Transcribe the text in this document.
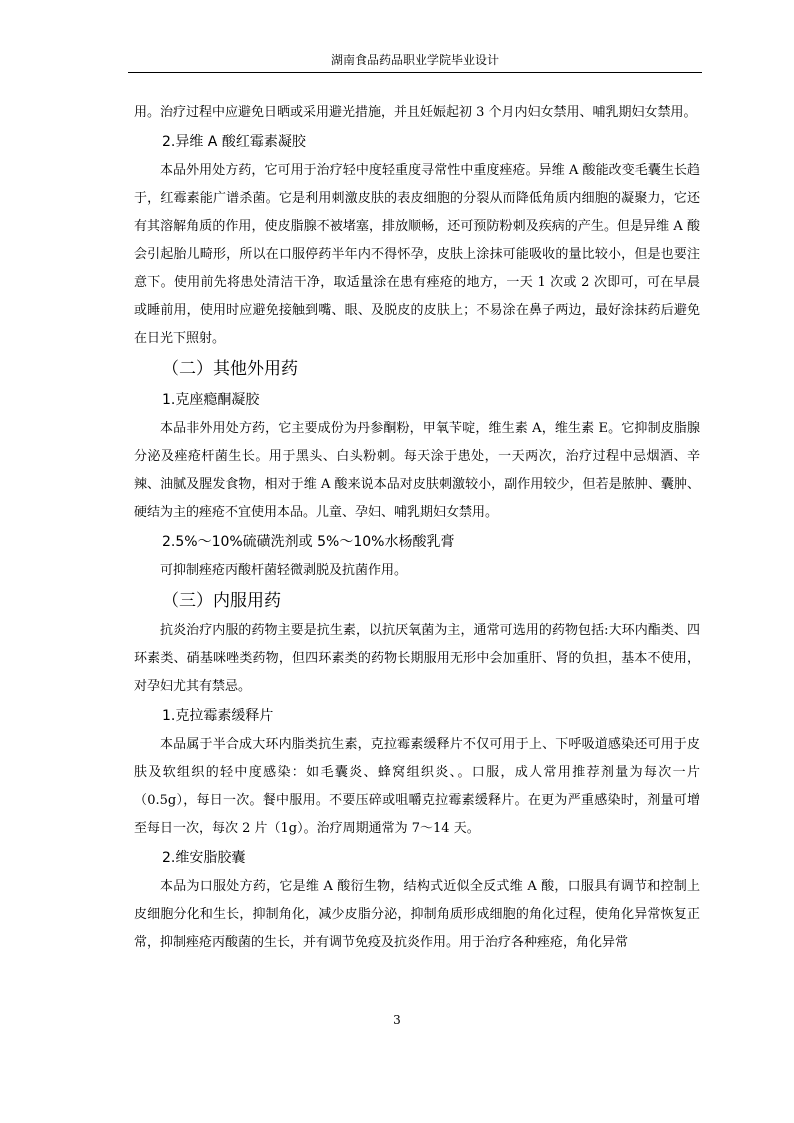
湖南食品药品职业学院毕业设计

用。治疗过程中应避免日晒或采用避光措施，并且妊娠起初 3 个月内妇女禁用、哺乳期妇女禁用。

2.异维 A 酸红霉素凝胶

本品外用处方药，它可用于治疗轻中度轻重度寻常性中重度痤疮。异维 A 酸能改变毛囊生长趋于，红霉素能广谱杀菌。它是利用刺激皮肤的表皮细胞的分裂从而降低角质内细胞的凝聚力，它还有其溶解角质的作用，使皮脂腺不被堵塞，排放顺畅，还可预防粉刺及疾病的产生。但是异维 A 酸会引起胎儿畸形，所以在口服停药半年内不得怀孕，皮肤上涂抹可能吸收的量比较小，但是也要注意下。使用前先将患处清洁干净，取适量涂在患有痤疮的地方，一天 1 次或 2 次即可，可在早晨或睡前用，使用时应避免接触到嘴、眼、及脱皮的皮肤上；不易涂在鼻子两边，最好涂抹药后避免在日光下照射。

（二）其他外用药

1.克座瘾酮凝胶

本品非外用处方药，它主要成份为丹参酮粉，甲氧苄啶，维生素 A，维生素 E。它抑制皮脂腺分泌及痤疮杆菌生长。用于黑头、白头粉刺。每天涂于患处，一天两次，治疗过程中忌烟酒、辛辣、油腻及腥发食物，相对于维 A 酸来说本品对皮肤刺激较小，副作用较少，但若是脓肿、囊肿、硬结为主的痤疮不宜使用本品。儿童、孕妇、哺乳期妇女禁用。

2.5%～10%硫磺洗剂或 5%～10%水杨酸乳膏

可抑制痤疮丙酸杆菌轻微剥脱及抗菌作用。

（三）内服用药

抗炎治疗内服的药物主要是抗生素，以抗厌氧菌为主，通常可选用的药物包括:大环内酯类、四环素类、硝基咪唑类药物，但四环素类的药物长期服用无形中会加重肝、肾的负担，基本不使用，对孕妇尤其有禁忌。

1.克拉霉素缓释片

本品属于半合成大环内脂类抗生素，克拉霉素缓释片不仅可用于上、下呼吸道感染还可用于皮肤及软组织的轻中度感染：如毛囊炎、蜂窝组织炎、。口服，成人常用推荐剂量为每次一片（0.5g），每日一次。餐中服用。不要压碎或咀嚼克拉霉素缓释片。在更为严重感染时，剂量可增至每日一次，每次 2 片（1g）。治疗周期通常为 7～14 天。

2.维安脂胶囊

本品为口服处方药，它是维 A 酸衍生物，结构式近似全反式维 A 酸，口服具有调节和控制上皮细胞分化和生长，抑制角化，减少皮脂分泌，抑制角质形成细胞的角化过程，使角化异常恢复正常，抑制痤疮丙酸菌的生长，并有调节免疫及抗炎作用。用于治疗各种痤疮，角化异常

3
